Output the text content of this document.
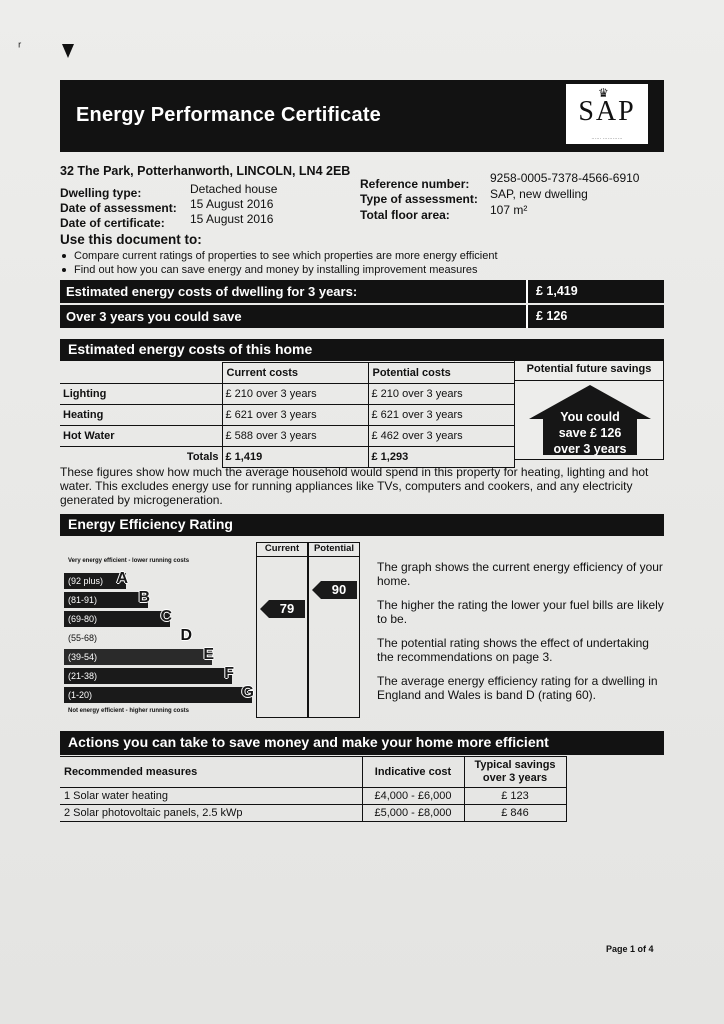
ʳ
Energy Performance Certificate
♛
SAP
…… …………
32 The Park, Potterhanworth, LINCOLN, LN4 2EB
Dwelling type:	Detached house
Date of assessment: 15 August 2016
Date of certificate: 15 August 2016
Reference number: 9258-0005-7378-4566-6910
Type of assessment: SAP, new dwelling
Total floor area:	107 m²
Use this document to:
Compare current ratings of properties to see which properties are more energy efficient
Find out how you can save energy and money by installing improvement measures
Estimated energy costs of dwelling for 3 years:	£ 1,419
Over 3 years you could save	£ 126
Estimated energy costs of this home
	Current costs	Potential costs
Lighting	£ 210 over 3 years	£ 210 over 3 years
Heating	£ 621 over 3 years	£ 621 over 3 years
Hot Water	£ 588 over 3 years	£ 462 over 3 years
Totals	£ 1,419	£ 1,293
Potential future savings
You could
save £ 126
over 3 years
These figures show how much the average household would spend in this property for heating, lighting and hot water. This excludes energy use for running appliances like TVs, computers and cookers, and any electricity generated by microgeneration.
Energy Efficiency Rating
Very energy efficient - lower running costs
(92 plus) A
(81-91)	B
(69-80)	C
(55-68)	D
(39-54)	E
(21-38)	F
(1-20)	G
Not energy efficient - higher running costs
Current
79
Potential
90
The graph shows the current energy efficiency of your home.
The higher the rating the lower your fuel bills are likely to be.
The potential rating shows the effect of undertaking the recommendations on page 3.
The average energy efficiency rating for a dwelling in England and Wales is band D (rating 60).
Actions you can take to save money and make your home more efficient
Recommended measures	Indicative cost	Typical savings
over 3 years

1 Solar water heating	£4,000 - £6,000	£ 123
2 Solar photovoltaic panels, 2.5 kWp	£5,000 - £8,000	£ 846
Page 1 of 4
